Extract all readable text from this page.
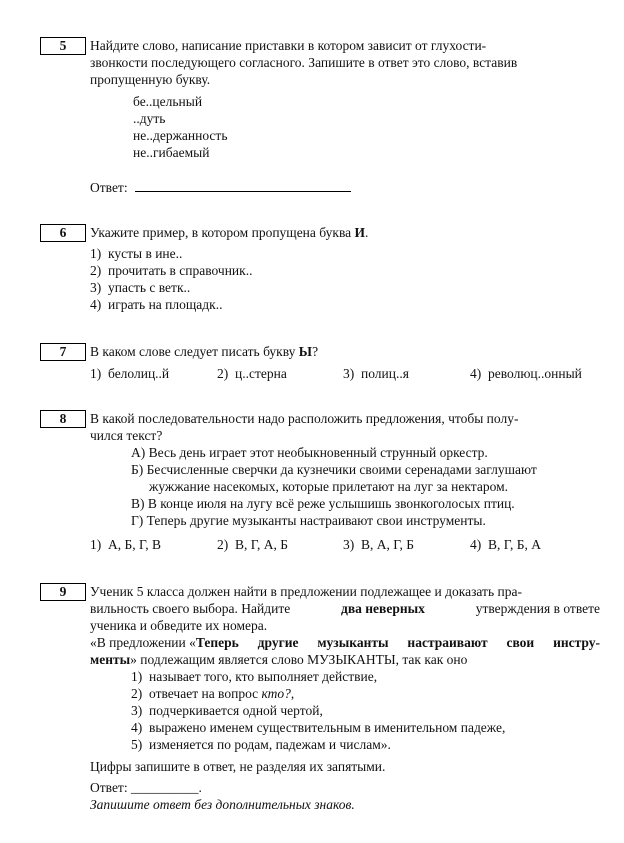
5	Найдите слово, написание приставки в котором зависит от глухости-
звонкости последующего согласного. Запишите в ответ это слово, вставив
пропущенную букву.
бе..цельный
..дуть
не..держанность
не..гибаемый
Ответ:
6	Укажите пример, в котором пропущена буква И.
1) кусты в ине..
2) прочитать в справочник..
3) упасть с ветк..
4) играть на площадк..
7	В каком слове следует писать букву Ы?
1) белолиц..й	2) ц..стерна	3) полиц..я	4) революц..онный
8	В какой последовательности надо расположить предложения, чтобы полу-
чился текст?
А) Весь день играет этот необыкновенный струнный оркестр.
Б) Бесчисленные сверчки да кузнечики своими серенадами заглушают
жужжание насекомых, которые прилетают на луг за нектаром.
В) В конце июля на лугу всё реже услышишь звонкоголосых птиц.
Г) Теперь другие музыканты настраивают свои инструменты.
1) А, Б, Г, В	2) В, Г, А, Б	3) В, А, Г, Б	4) В, Г, Б, А
9	Ученик 5 класса должен найти в предложении подлежащее и доказать пра-
вильность своего выбора. Найдите	два неверных	утверждения в ответе
ученика и обведите их номера.
«В предложении « Теперь другие музыканты настраивают свои инстру-
менты» подлежащим является слово МУЗЫКАНТЫ, так как оно
1) называет того, кто выполняет действие,
2) отвечает на вопрос кто?,
3) подчеркивается одной чертой,
4) выражено именем существительным в именительном падеже,
5) изменяется по родам, падежам и числам».
Цифры запишите в ответ, не разделяя их запятыми.
Ответ: __________.
Запишите ответ без дополнительных знаков.
